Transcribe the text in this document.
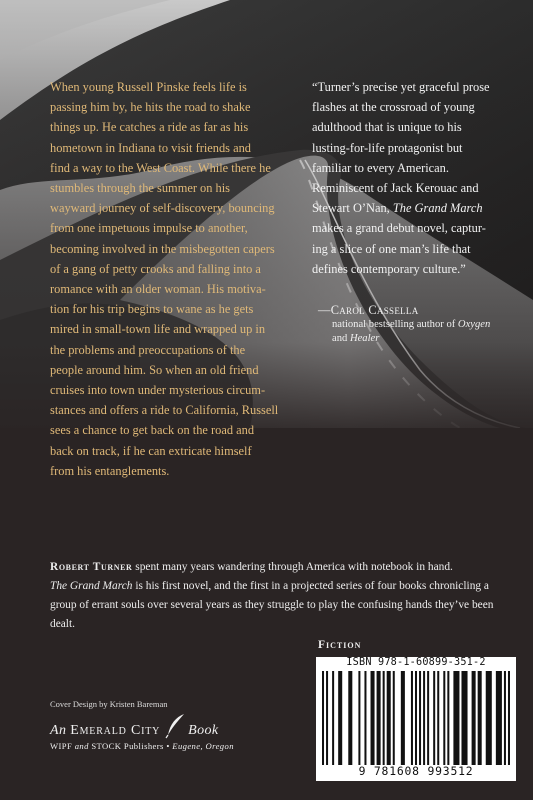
When young Russell Pinske feels life is
passing him by, he hits the road to shake
things up. He catches a ride as far as his
hometown in Indiana to visit friends and
find a way to the West Coast. While there he
stumbles through the summer on his
wayward journey of self-discovery, bouncing
from one impetuous impulse to another,
becoming involved in the misbegotten capers
of a gang of petty crooks and falling into a
romance with an older woman. His motiva-
tion for his trip begins to wane as he gets
mired in small-town life and wrapped up in
the problems and preoccupations of the
people around him. So when an old friend
cruises into town under mysterious circum-
stances and offers a ride to California, Russell
sees a chance to get back on the road and
back on track, if he can extricate himself
from his entanglements.
“Turner’s precise yet graceful prose
flashes at the crossroad of young
adulthood that is unique to his
lusting-for-life protagonist but
familiar to every American.
Reminiscent of Jack Kerouac and
Stewart O’Nan, The Grand March
makes a grand debut novel, captur-
ing a slice of one man’s life that
defines contemporary culture.”
—Carol Cassella
national bestselling author of Oxygen
and Healer
Robert Turner spent many years wandering through America with notebook in hand.
The Grand March is his first novel, and the first in a projected series of four books chronicling a
group of errant souls over several years as they struggle to play the confusing hands they’ve been dealt.
Fiction
ISBN 978-1-60899-351-2
9 781608 993512
Cover Design by Kristen Bareman
An
Emerald City Book
WIPF and STOCK Publishers • Eugene, Oregon
